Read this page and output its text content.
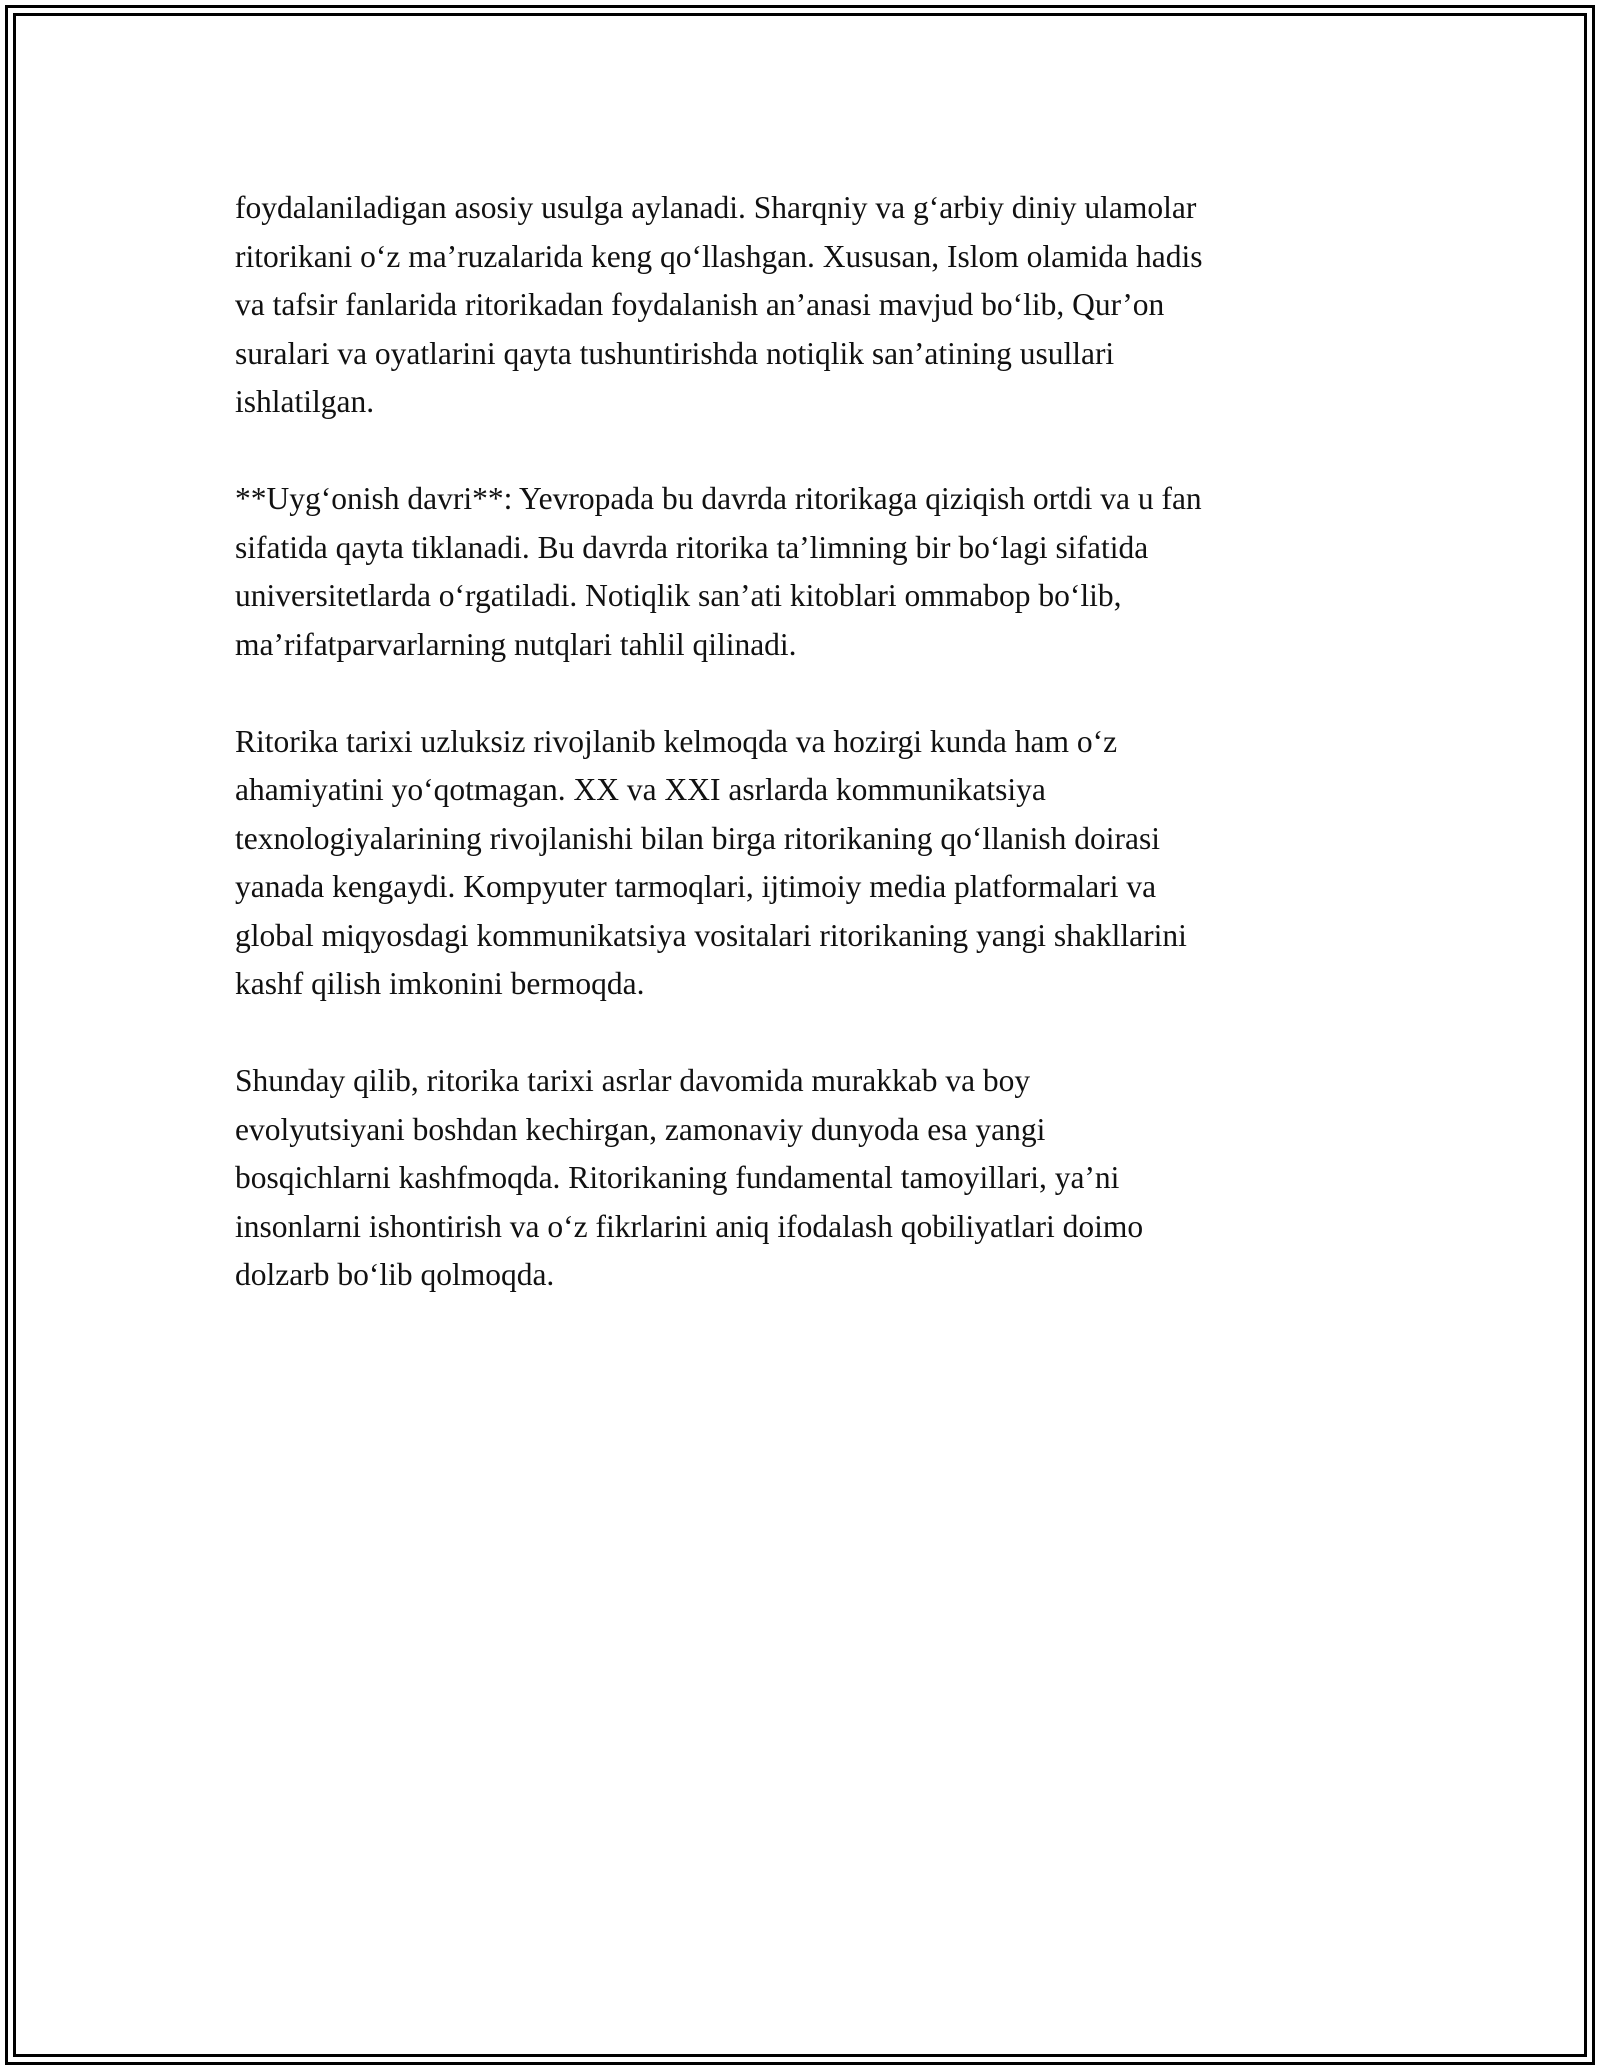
foydalaniladigan asosiy usulga aylanadi. Sharqniy va g‘arbiy diniy ulamolar
ritorikani o‘z ma’ruzalarida keng qo‘llashgan. Xususan, Islom olamida hadis
va tafsir fanlarida ritorikadan foydalanish an’anasi mavjud bo‘lib, Qur’on
suralari va oyatlarini qayta tushuntirishda notiqlik san’atining usullari
ishlatilgan.

**Uyg‘onish davri**: Yevropada bu davrda ritorikaga qiziqish ortdi va u fan
sifatida qayta tiklanadi. Bu davrda ritorika ta’limning bir bo‘lagi sifatida
universitetlarda o‘rgatiladi. Notiqlik san’ati kitoblari ommabop bo‘lib,
ma’rifatparvarlarning nutqlari tahlil qilinadi.

Ritorika tarixi uzluksiz rivojlanib kelmoqda va hozirgi kunda ham o‘z
ahamiyatini yo‘qotmagan. XX va XXI asrlarda kommunikatsiya
texnologiyalarining rivojlanishi bilan birga ritorikaning qo‘llanish doirasi
yanada kengaydi. Kompyuter tarmoqlari, ijtimoiy media platformalari va
global miqyosdagi kommunikatsiya vositalari ritorikaning yangi shakllarini
kashf qilish imkonini bermoqda.

Shunday qilib, ritorika tarixi asrlar davomida murakkab va boy
evolyutsiyani boshdan kechirgan, zamonaviy dunyoda esa yangi
bosqichlarni kashfmoqda. Ritorikaning fundamental tamoyillari, ya’ni
insonlarni ishontirish va o‘z fikrlarini aniq ifodalash qobiliyatlari doimo
dolzarb bo‘lib qolmoqda.
